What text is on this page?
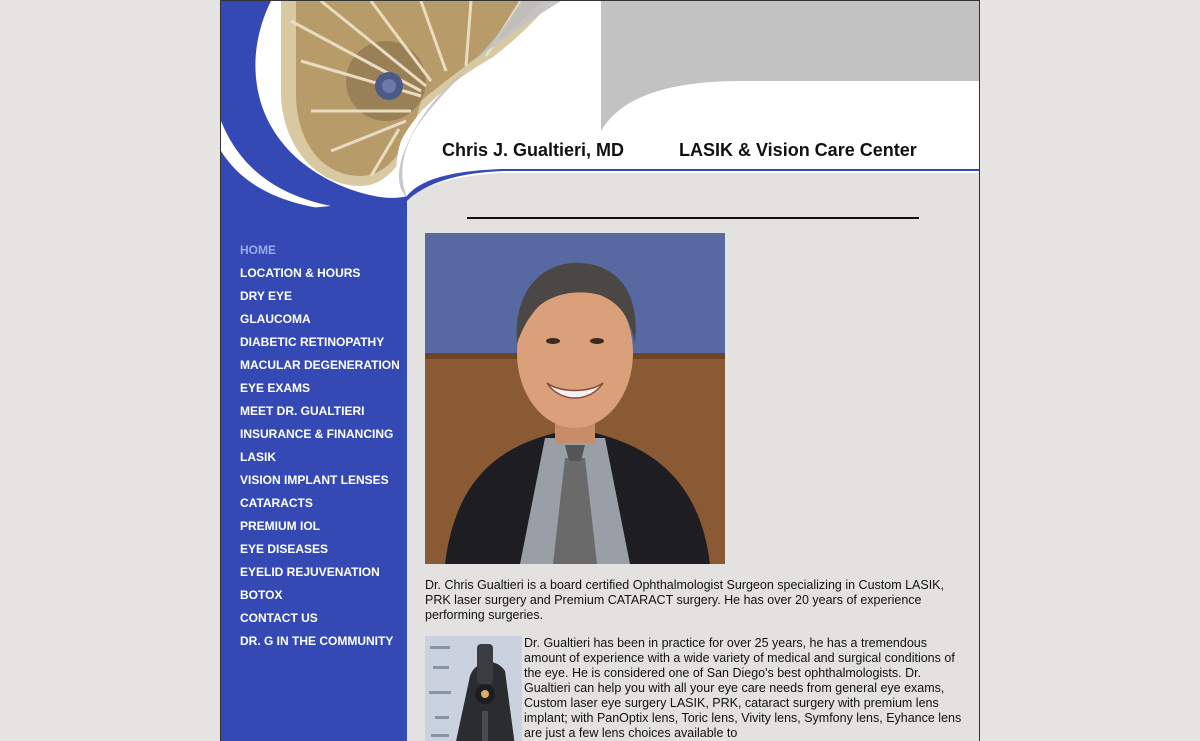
Chris J. Gualtieri, MD	LASIK & Vision Care Center
HOME
LOCATION & HOURS
DRY EYE
GLAUCOMA
DIABETIC RETINOPATHY
MACULAR DEGENERATION
EYE EXAMS
MEET DR. GUALTIERI
INSURANCE & FINANCING
LASIK
VISION IMPLANT LENSES
CATARACTS
PREMIUM IOL
EYE DISEASES
EYELID REJUVENATION
BOTOX
CONTACT US
DR. G IN THE COMMUNITY

Dr. Chris Gualtieri is a board certified Ophthalmologist Surgeon specializing in Custom LASIK, PRK laser surgery and Premium CATARACT surgery. He has over 20 years of experience performing surgeries.

Dr. Gualtieri has been in practice for over 25 years, he has a tremendous amount of experience with a wide variety of medical and surgical conditions of the eye. He is considered one of San Diego's best ophthalmologists. Dr. Gualtieri can help you with all your eye care needs from general eye exams, Custom laser eye surgery LASIK, PRK, cataract surgery with premium lens implant; with PanOptix lens, Toric lens, Vivity lens, Symfony lens, Eyhance lens are just a few lens choices available to
